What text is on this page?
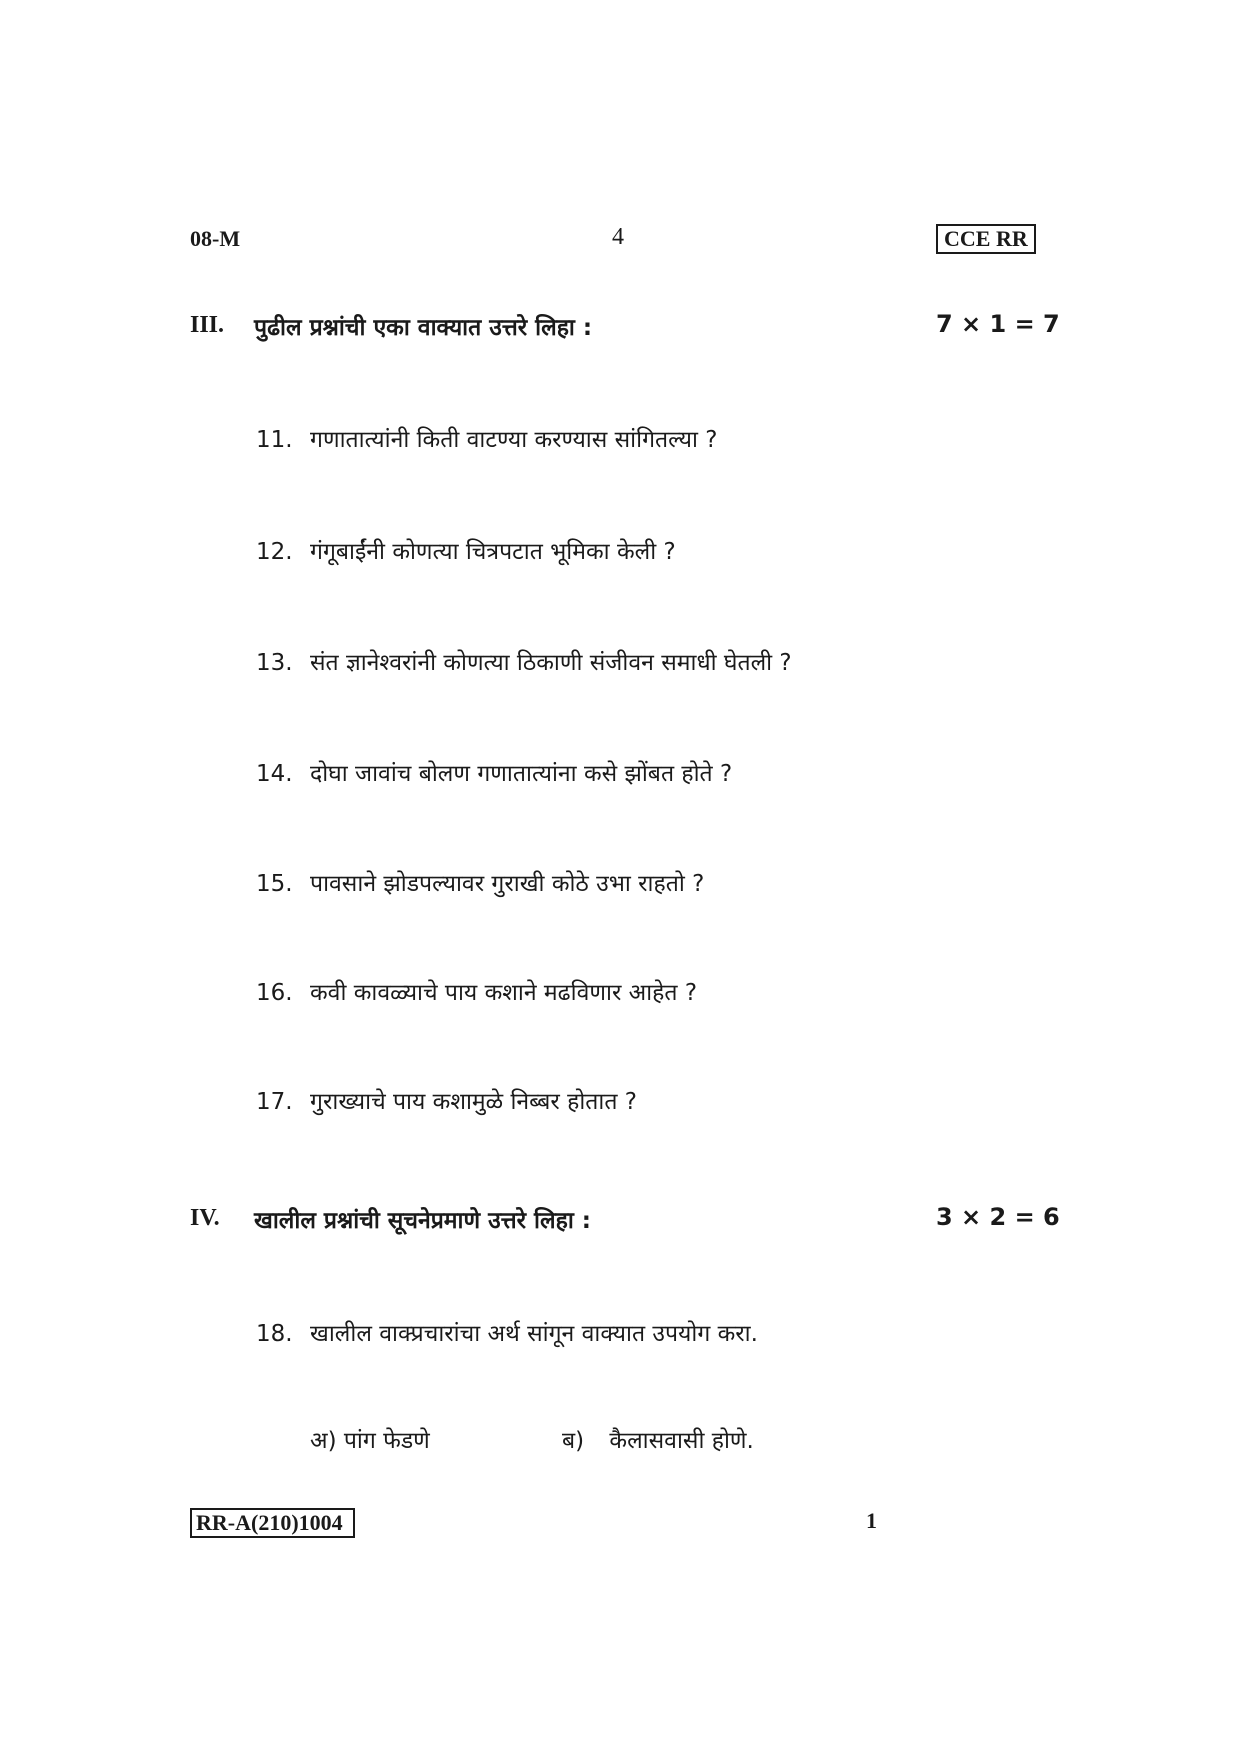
08-M	4	CCE RR
III. पुढील प्रश्नांची एका वाक्यात उत्तरे लिहा :	7 × 1 = 7
11. गणातात्यांनी किती वाटण्या करण्यास सांगितल्या ?
12. गंगूबाईंनी कोणत्या चित्रपटात भूमिका केली ?
13. संत ज्ञानेश्वरांनी कोणत्या ठिकाणी संजीवन समाधी घेतली ?
14. दोघा जावांच बोलण गणातात्यांना कसे झोंबत होते ?
15. पावसाने झोडपल्यावर गुराखी कोठे उभा राहतो ?
16. कवी कावळ्याचे पाय कशाने मढविणार आहेत ?
17. गुराख्याचे पाय कशामुळे निब्बर होतात ?
IV. खालील प्रश्नांची सूचनेप्रमाणे उत्तरे लिहा :	3 × 2 = 6
18. खालील वाक्प्रचारांचा अर्थ सांगून वाक्यात उपयोग करा.
अ) पांग फेडणे	ब) कैलासवासी होणे.
RR-A(210)1004	1
